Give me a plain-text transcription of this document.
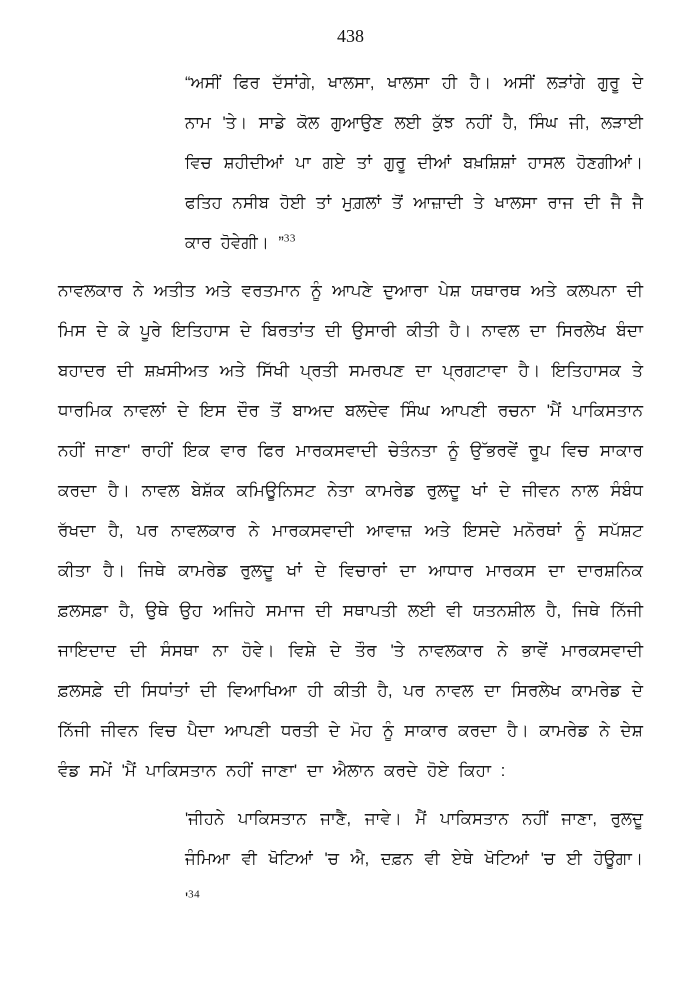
438
“ਅਸੀਂ ਫਿਰ ਦੱਸਾਂਗੇ, ਖਾਲਸਾ, ਖਾਲਸਾ ਹੀ ਹੈ। ਅਸੀਂ ਲੜਾਂਗੇ ਗੁਰੂ ਦੇ ਨਾਮ 'ਤੇ। ਸਾਡੇ ਕੋਲ ਗੁਆਉਣ ਲਈ ਕੁੱਝ ਨਹੀਂ ਹੈ, ਸਿੰਘ ਜੀ, ਲੜਾਈ ਵਿਚ ਸ਼ਹੀਦੀਆਂ ਪਾ ਗਏ ਤਾਂ ਗੁਰੂ ਦੀਆਂ ਬਖ਼ਸ਼ਿਸ਼ਾਂ ਹਾਸਲ ਹੋਣਗੀਆਂ। ਫਤਿਹ ਨਸੀਬ ਹੋਈ ਤਾਂ ਮੁਗ਼ਲਾਂ ਤੋਂ ਆਜ਼ਾਦੀ ਤੇ ਖਾਲਸਾ ਰਾਜ ਦੀ ਜੈ ਜੈ ਕਾਰ ਹੋਵੇਗੀ। ”$^{33}$

ਨਾਵਲਕਾਰ ਨੇ ਅਤੀਤ ਅਤੇ ਵਰਤਮਾਨ ਨੂੰ ਆਪਣੇ ਦੁਆਰਾ ਪੇਸ਼ ਯਥਾਰਥ ਅਤੇ ਕਲਪਨਾ ਦੀ ਮਿਸ ਦੇ ਕੇ ਪੂਰੇ ਇਤਿਹਾਸ ਦੇ ਬਿਰਤਾਂਤ ਦੀ ਉਸਾਰੀ ਕੀਤੀ ਹੈ। ਨਾਵਲ ਦਾ ਸਿਰਲੇਖ ਬੰਦਾ ਬਹਾਦਰ ਦੀ ਸ਼ਖ਼ਸੀਅਤ ਅਤੇ ਸਿੱਖੀ ਪ੍ਰਤੀ ਸਮਰਪਣ ਦਾ ਪ੍ਰਗਟਾਵਾ ਹੈ। ਇਤਿਹਾਸਕ ਤੇ ਧਾਰਮਿਕ ਨਾਵਲਾਂ ਦੇ ਇਸ ਦੌਰ ਤੋਂ ਬਾਅਦ ਬਲਦੇਵ ਸਿੰਘ ਆਪਣੀ ਰਚਨਾ 'ਮੈਂ ਪਾਕਿਸਤਾਨ ਨਹੀਂ ਜਾਣਾ' ਰਾਹੀਂ ਇਕ ਵਾਰ ਫਿਰ ਮਾਰਕਸਵਾਦੀ ਚੇਤੰਨਤਾ ਨੂੰ ਉੱਭਰਵੇਂ ਰੂਪ ਵਿਚ ਸਾਕਾਰ ਕਰਦਾ ਹੈ। ਨਾਵਲ ਬੇਸ਼ੱਕ ਕਮਿਊਨਿਸਟ ਨੇਤਾ ਕਾਮਰੇਡ ਰੁਲਦੂ ਖਾਂ ਦੇ ਜੀਵਨ ਨਾਲ ਸੰਬੰਧ ਰੱਖਦਾ ਹੈ, ਪਰ ਨਾਵਲਕਾਰ ਨੇ ਮਾਰਕਸਵਾਦੀ ਆਵਾਜ਼ ਅਤੇ ਇਸਦੇ ਮਨੋਰਥਾਂ ਨੂੰ ਸਪੱਸ਼ਟ ਕੀਤਾ ਹੈ। ਜਿਥੇ ਕਾਮਰੇਡ ਰੁਲਦੂ ਖਾਂ ਦੇ ਵਿਚਾਰਾਂ ਦਾ ਆਧਾਰ ਮਾਰਕਸ ਦਾ ਦਾਰਸ਼ਨਿਕ ਫ਼ਲਸਫ਼ਾ ਹੈ, ਉਥੇ ਉਹ ਅਜਿਹੇ ਸਮਾਜ ਦੀ ਸਥਾਪਤੀ ਲਈ ਵੀ ਯਤਨਸ਼ੀਲ ਹੈ, ਜਿਥੇ ਨਿੱਜੀ ਜਾਇਦਾਦ ਦੀ ਸੰਸਥਾ ਨਾ ਹੋਵੇ। ਵਿਸ਼ੇ ਦੇ ਤੌਰ 'ਤੇ ਨਾਵਲਕਾਰ ਨੇ ਭਾਵੇਂ ਮਾਰਕਸਵਾਦੀ ਫ਼ਲਸਫ਼ੇ ਦੀ ਸਿਧਾਂਤਾਂ ਦੀ ਵਿਆਖਿਆ ਹੀ ਕੀਤੀ ਹੈ, ਪਰ ਨਾਵਲ ਦਾ ਸਿਰਲੇਖ ਕਾਮਰੇਡ ਦੇ ਨਿੱਜੀ ਜੀਵਨ ਵਿਚ ਪੈਦਾ ਆਪਣੀ ਧਰਤੀ ਦੇ ਮੋਹ ਨੂੰ ਸਾਕਾਰ ਕਰਦਾ ਹੈ। ਕਾਮਰੇਡ ਨੇ ਦੇਸ਼ ਵੰਡ ਸਮੇਂ 'ਮੈਂ ਪਾਕਿਸਤਾਨ ਨਹੀਂ ਜਾਣਾ' ਦਾ ਐਲਾਨ ਕਰਦੇ ਹੋਏ ਕਿਹਾ :

'ਜੀਹਨੇ ਪਾਕਿਸਤਾਨ ਜਾਣੈ, ਜਾਵੇ। ਮੈਂ ਪਾਕਿਸਤਾਨ ਨਹੀਂ ਜਾਣਾ, ਰੁਲਦੂ ਜੰਮਿਆ ਵੀ ਖੋਟਿਆਂ 'ਚ ਐ, ਦਫ਼ਨ ਵੀ ਏਥੇ ਖੋਟਿਆਂ 'ਚ ਈ ਹੋਊਗਾ। '$^{34}$
